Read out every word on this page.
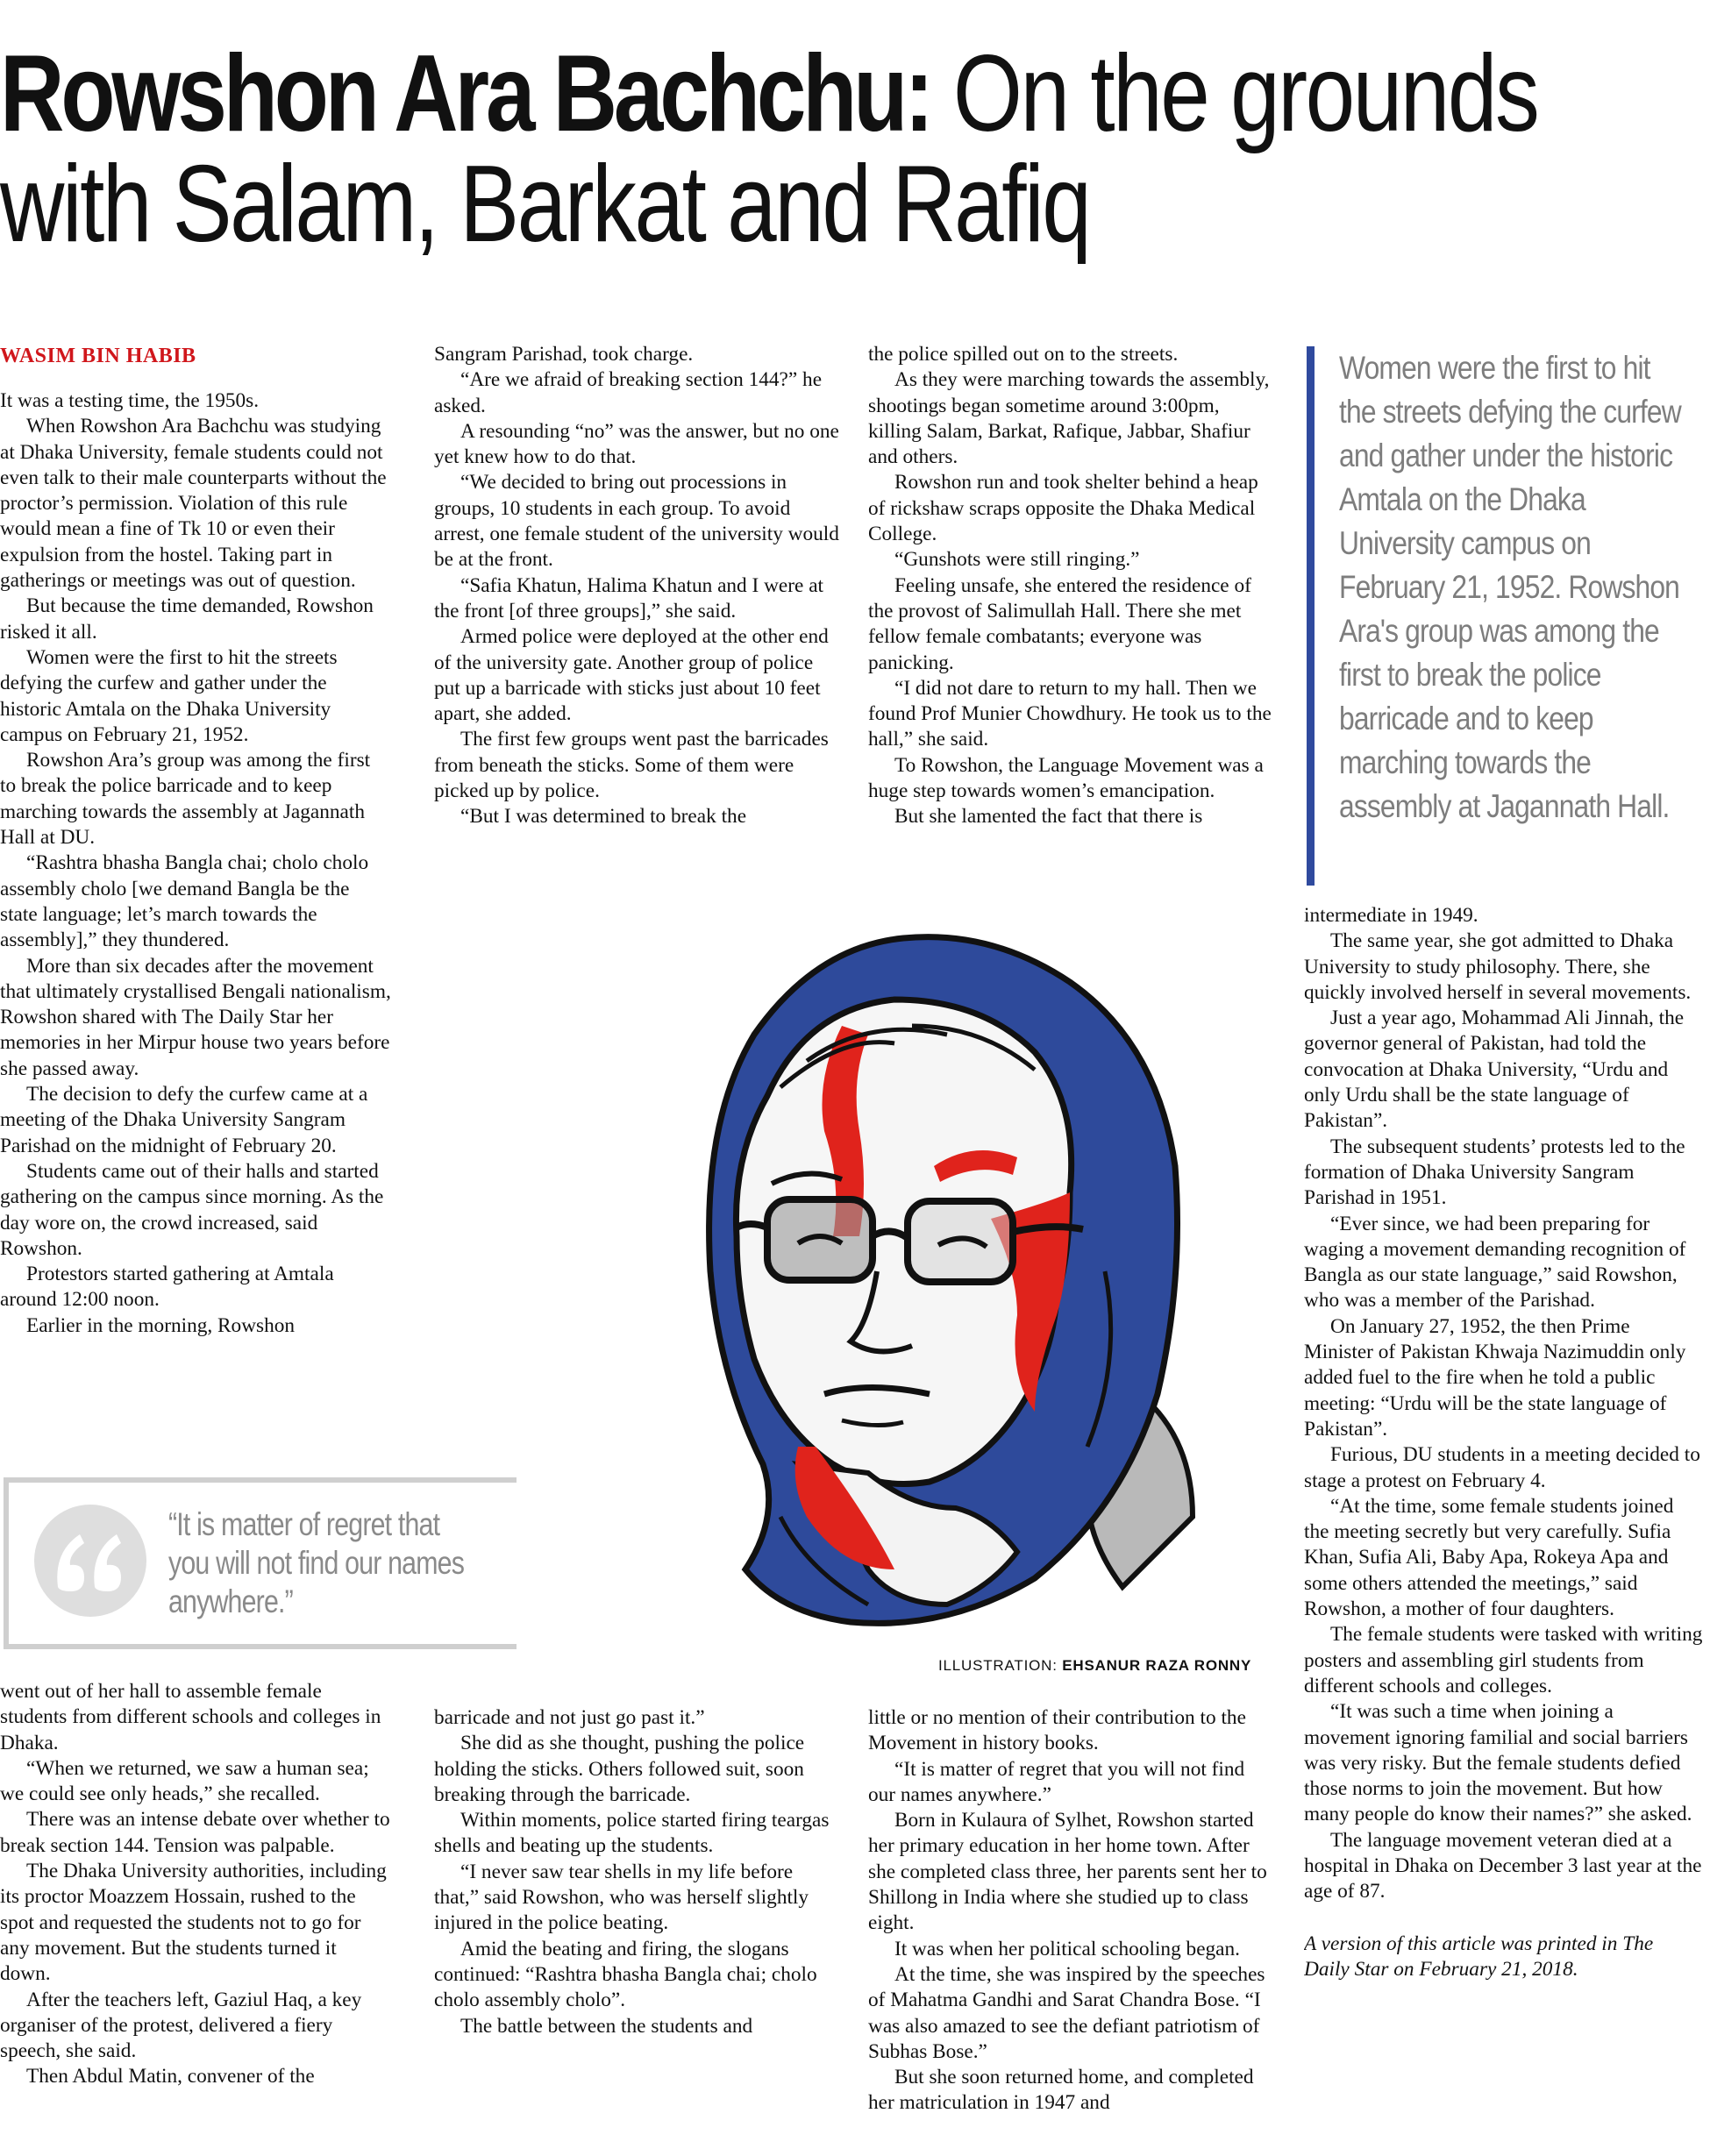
Rowshon Ara Bachchu: On the grounds
with Salam, Barkat and Rafiq
WASIM BIN HABIB

It was a testing time, the 1950s.

When Rowshon Ara Bachchu was studying at Dhaka University, female students could not even talk to their male counterparts without the proctor’s permission. Violation of this rule would mean a fine of Tk 10 or even their expulsion from the hostel. Taking part in gatherings or meetings was out of question.

But because the time demanded, Rowshon risked it all.

Women were the first to hit the streets defying the curfew and gather under the historic Amtala on the Dhaka University campus on February 21, 1952.

Rowshon Ara’s group was among the first to break the police barricade and to keep marching towards the assembly at Jagannath Hall at DU.

“Rashtra bhasha Bangla chai; cholo cholo assembly cholo [we demand Bangla be the state language; let’s march towards the assembly],” they thundered.

More than six decades after the movement that ultimately crystallised Bengali nationalism, Rowshon shared with The Daily Star her memories in her Mirpur house two years before she passed away.

The decision to defy the curfew came at a meeting of the Dhaka University Sangram Parishad on the midnight of February 20.

Students came out of their halls and started gathering on the campus since morning. As the day wore on, the crowd increased, said Rowshon.

Protestors started gathering at Amtala around 12:00 noon.

Earlier in the morning, Rowshon

Sangram Parishad, took charge.

“Are we afraid of breaking section 144?” he asked.

A resounding “no” was the answer, but no one yet knew how to do that.

“We decided to bring out processions in groups, 10 students in each group. To avoid arrest, one female student of the university would be at the front.

“Safia Khatun, Halima Khatun and I were at the front [of three groups],” she said.

Armed police were deployed at the other end of the university gate. Another group of police put up a barricade with sticks just about 10 feet apart, she added.

The first few groups went past the barricades from beneath the sticks. Some of them were picked up by police.

“But I was determined to break the

the police spilled out on to the streets.

As they were marching towards the assembly, shootings began sometime around 3:00pm, killing Salam, Barkat, Rafique, Jabbar, Shafiur and others.

Rowshon run and took shelter behind a heap of rickshaw scraps opposite the Dhaka Medical College.

“Gunshots were still ringing.”

Feeling unsafe, she entered the residence of the provost of Salimullah Hall. There she met fellow female combatants; everyone was panicking.

“I did not dare to return to my hall. Then we found Prof Munier Chowdhury. He took us to the hall,” she said.

To Rowshon, the Language Movement was a huge step towards women’s emancipation.

But she lamented the fact that there is

Women were the first to hit the streets defying the curfew and gather under the historic Amtala on the Dhaka University campus on February 21, 1952. Rowshon Ara's group was among the first to break the police barricade and to keep marching towards the assembly at Jagannath Hall.
“It is matter of regret that you will not find our names anywhere.”
ILLUSTRATION: EHSANUR RAZA RONNY

intermediate in 1949.

The same year, she got admitted to Dhaka University to study philosophy. There, she quickly involved herself in several movements.

Just a year ago, Mohammad Ali Jinnah, the governor general of Pakistan, had told the convocation at Dhaka University, “Urdu and only Urdu shall be the state language of Pakistan”.

The subsequent students’ protests led to the formation of Dhaka University Sangram Parishad in 1951.

“Ever since, we had been preparing for waging a movement demanding recognition of Bangla as our state language,” said Rowshon, who was a member of the Parishad.

On January 27, 1952, the then Prime Minister of Pakistan Khwaja Nazimuddin only added fuel to the fire when he told a public meeting: “Urdu will be the state language of Pakistan”.

Furious, DU students in a meeting decided to stage a protest on February 4.

“At the time, some female students joined the meeting secretly but very carefully. Sufia Khan, Sufia Ali, Baby Apa, Rokeya Apa and some others attended the meetings,” said Rowshon, a mother of four daughters.

The female students were tasked with writing posters and assembling girl students from different schools and colleges.

“It was such a time when joining a movement ignoring familial and social barriers was very risky. But the female students defied those norms to join the movement. But how many people do know their names?” she asked.

The language movement veteran died at a hospital in Dhaka on December 3 last year at the age of 87.

A version of this article was printed in The Daily Star on February 21, 2018.

went out of her hall to assemble female students from different schools and colleges in Dhaka.

“When we returned, we saw a human sea; we could see only heads,” she recalled.

There was an intense debate over whether to break section 144. Tension was palpable.

The Dhaka University authorities, including its proctor Moazzem Hossain, rushed to the spot and requested the students not to go for any movement. But the students turned it down.

After the teachers left, Gaziul Haq, a key organiser of the protest, delivered a fiery speech, she said.

Then Abdul Matin, convener of the

barricade and not just go past it.”

She did as she thought, pushing the police holding the sticks. Others followed suit, soon breaking through the barricade.

Within moments, police started firing teargas shells and beating up the students.

“I never saw tear shells in my life before that,” said Rowshon, who was herself slightly injured in the police beating.

Amid the beating and firing, the slogans continued: “Rashtra bhasha Bangla chai; cholo cholo assembly cholo”.

The battle between the students and

little or no mention of their contribution to the Movement in history books.

“It is matter of regret that you will not find our names anywhere.”

Born in Kulaura of Sylhet, Rowshon started her primary education in her home town. After she completed class three, her parents sent her to Shillong in India where she studied up to class eight.

It was when her political schooling began.

At the time, she was inspired by the speeches of Mahatma Gandhi and Sarat Chandra Bose. “I was also amazed to see the defiant patriotism of Subhas Bose.”

But she soon returned home, and completed her matriculation in 1947 and
